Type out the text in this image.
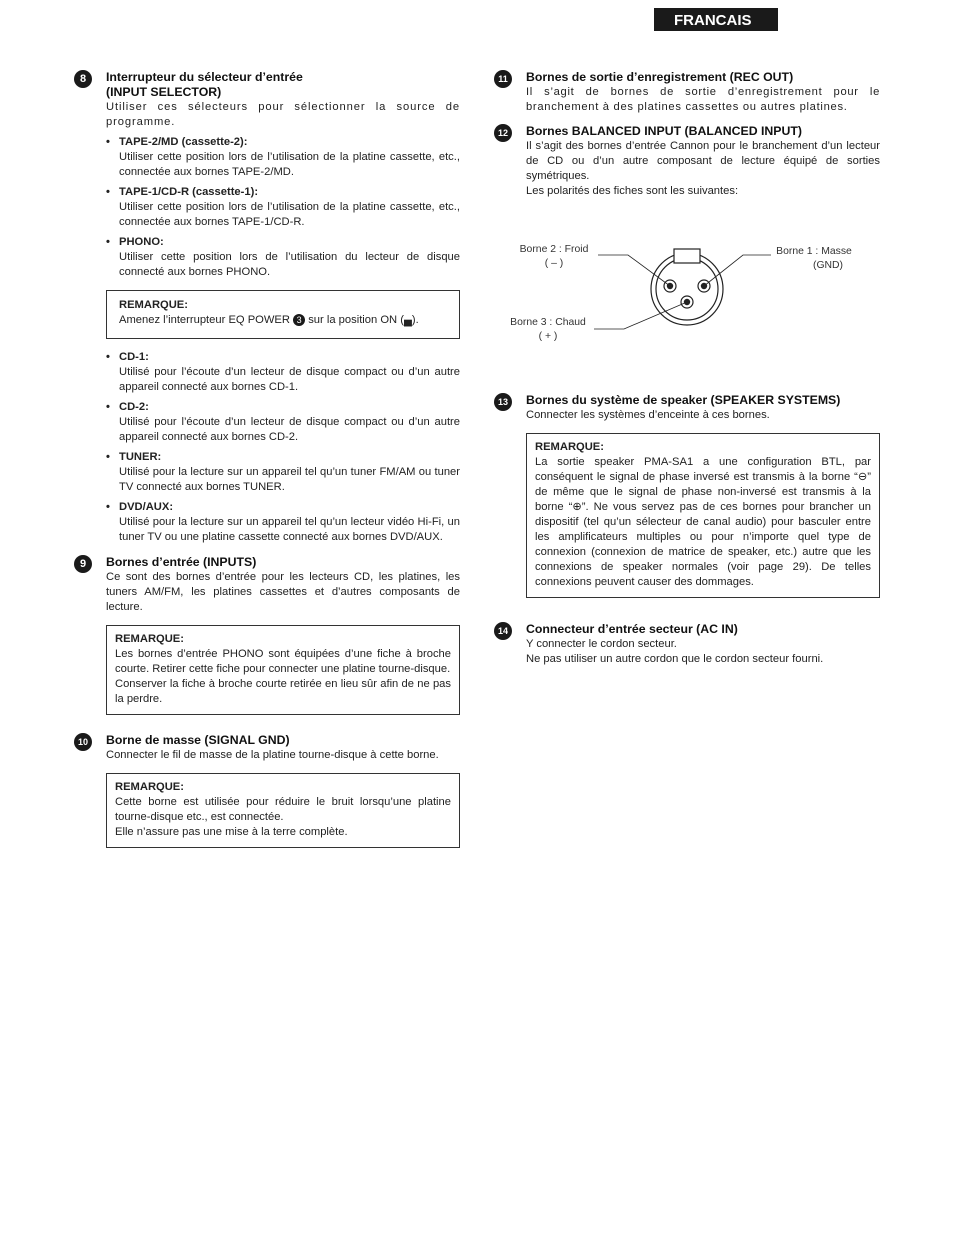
FRANCAIS
8	Interrupteur du sélecteur d’entrée
(INPUT SELECTOR)

Utiliser ces sélecteurs pour sélectionner la source de programme.

• TAPE-2/MD (cassette-2):

Utiliser cette position lors de l’utilisation de la platine cassette, etc., connectée aux bornes TAPE-2/MD.

• TAPE-1/CD-R (cassette-1):

Utiliser cette position lors de l’utilisation de la platine cassette, etc., connectée aux bornes TAPE-1/CD-R.

• PHONO:

Utiliser cette position lors de l’utilisation du lecteur de disque connecté aux bornes PHONO.

REMARQUE:

Amenez l’interrupteur EQ POWER 3 sur la position ON (▄).

• CD-1:

Utilisé pour l’écoute d’un lecteur de disque compact ou d’un autre appareil connecté aux bornes CD-1.

• CD-2:

Utilisé pour l’écoute d’un lecteur de disque compact ou d’un autre appareil connecté aux bornes CD-2.

• TUNER:

Utilisé pour la lecture sur un appareil tel qu’un tuner FM/AM ou tuner TV connecté aux bornes TUNER.

• DVD/AUX:

Utilisé pour la lecture sur un appareil tel qu’un lecteur vidéo Hi-Fi, un tuner TV ou une platine cassette connecté aux bornes DVD/AUX.

9	Bornes d’entrée (INPUTS)

Ce sont des bornes d’entrée pour les lecteurs CD, les platines, les tuners AM/FM, les platines cassettes et d’autres composants de lecture.

REMARQUE:

Les bornes d’entrée PHONO sont équipées d’une fiche à broche courte. Retirer cette fiche pour connecter une platine tourne-disque.

Conserver la fiche à broche courte retirée en lieu sûr afin de ne pas la perdre.

10	Borne de masse (SIGNAL GND)

Connecter le fil de masse de la platine tourne-disque à cette borne.

REMARQUE:

Cette borne est utilisée pour réduire le bruit lorsqu’une platine tourne-disque etc., est connectée.

Elle n’assure pas une mise à la terre complète.

11	Bornes de sortie d’enregistrement (REC OUT)

Il s’agit de bornes de sortie d’enregistrement pour le branchement à des platines cassettes ou autres platines.

12	Bornes BALANCED INPUT (BALANCED INPUT)

Il s’agit des bornes d’entrée Cannon pour le branchement d’un lecteur de CD ou d’un autre composant de lecture équipé de sorties symétriques.

Les polarités des fiches sont les suivantes:

Borne 2 : Froid
( – )
Borne 1 : Masse
(GND)
Borne 3 : Chaud
( + )
13	Bornes du système de speaker (SPEAKER SYSTEMS)

Connecter les systèmes d’enceinte à ces bornes.

REMARQUE:

La sortie speaker PMA-SA1 a une configuration BTL, par conséquent le signal de phase inversé est transmis à la borne “⊖” de même que le signal de phase non-inversé est transmis à la borne “⊕”. Ne vous servez pas de ces bornes pour brancher un dispositif (tel qu’un sélecteur de canal audio) pour basculer entre les amplificateurs multiples ou pour n’importe quel type de connexion (connexion de matrice de speaker, etc.) autre que les connexions de speaker normales (voir page 29). De telles connexions peuvent causer des dommages.

14	Connecteur d’entrée secteur (AC IN)

Y connecter le cordon secteur.

Ne pas utiliser un autre cordon que le cordon secteur fourni.
